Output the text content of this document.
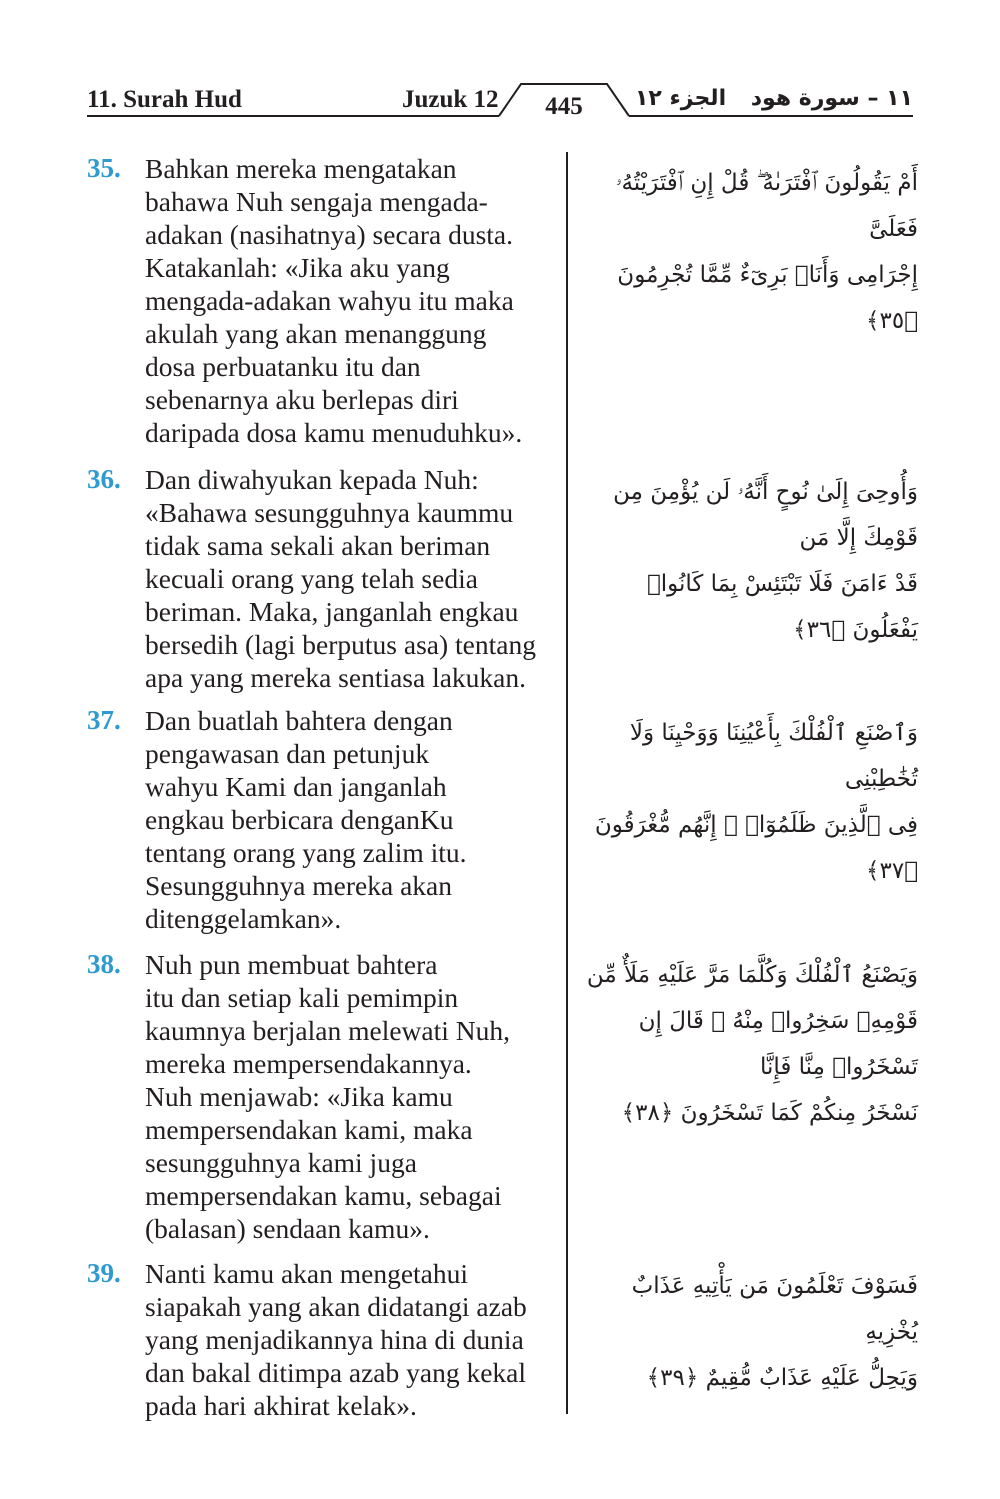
11. Surah Hud	Juzuk 12	445	الجزء ١٢ ١١ – سورة هود
35. Bahkan mereka mengatakan
bahawa Nuh sengaja mengada-
adakan (nasihatnya) secara dusta.
Katakanlah: «Jika aku yang
mengada-adakan wahyu itu maka
akulah yang akan menanggung
dosa perbuatanku itu dan
sebenarnya aku berlepas diri
daripada dosa kamu menuduhku».
أَمْ يَقُولُونَ ٱفْتَرَىٰهُ ۖ قُلْ إِنِ ٱفْتَرَيْتُهُۥ فَعَلَىَّ
إِجْرَامِى وَأَنَا۠ بَرِىٓءٌ مِّمَّا تُجْرِمُونَ ﴿٣٥﴾
36. Dan diwahyukan kepada Nuh:
«Bahawa sesungguhnya kaummu
tidak sama sekali akan beriman
kecuali orang yang telah sedia
beriman. Maka, janganlah engkau
bersedih (lagi berputus asa) tentang
apa yang mereka sentiasa lakukan.
وَأُوحِىَ إِلَىٰ نُوحٍ أَنَّهُۥ لَن يُؤْمِنَ مِن قَوْمِكَ إِلَّا مَن
قَدْ ءَامَنَ فَلَا تَبْتَئِسْ بِمَا كَانُوا۟ يَفْعَلُونَ ﴿٣٦﴾
37. Dan buatlah bahtera dengan
pengawasan dan petunjuk
wahyu Kami dan janganlah
engkau berbicara denganKu
tentang orang yang zalim itu.
Sesungguhnya mereka akan
ditenggelamkan».
وَٱصْنَعِ ٱلْفُلْكَ بِأَعْيُنِنَا وَوَحْيِنَا وَلَا تُخَٰطِبْنِى
فِى ٱلَّذِينَ ظَلَمُوٓا۟ ۚ إِنَّهُم مُّغْرَقُونَ ﴿٣٧﴾
38. Nuh pun membuat bahtera
itu dan setiap kali pemimpin
kaumnya berjalan melewati Nuh,
mereka mempersendakannya.
Nuh menjawab: «Jika kamu
mempersendakan kami, maka
sesungguhnya kami juga
mempersendakan kamu, sebagai
(balasan) sendaan kamu».
وَيَصْنَعُ ٱلْفُلْكَ وَكُلَّمَا مَرَّ عَلَيْهِ مَلَأٌ مِّن
قَوْمِهِۦ سَخِرُوا۟ مِنْهُ ۚ قَالَ إِن تَسْخَرُوا۟ مِنَّا فَإِنَّا
نَسْخَرُ مِنكُمْ كَمَا تَسْخَرُونَ ﴿٣٨﴾
39. Nanti kamu akan mengetahui
siapakah yang akan didatangi azab
yang menjadikannya hina di dunia
dan bakal ditimpa azab yang kekal
pada hari akhirat kelak».
فَسَوْفَ تَعْلَمُونَ مَن يَأْتِيهِ عَذَابٌ يُخْزِيهِ
وَيَحِلُّ عَلَيْهِ عَذَابٌ مُّقِيمٌ ﴿٣٩﴾
